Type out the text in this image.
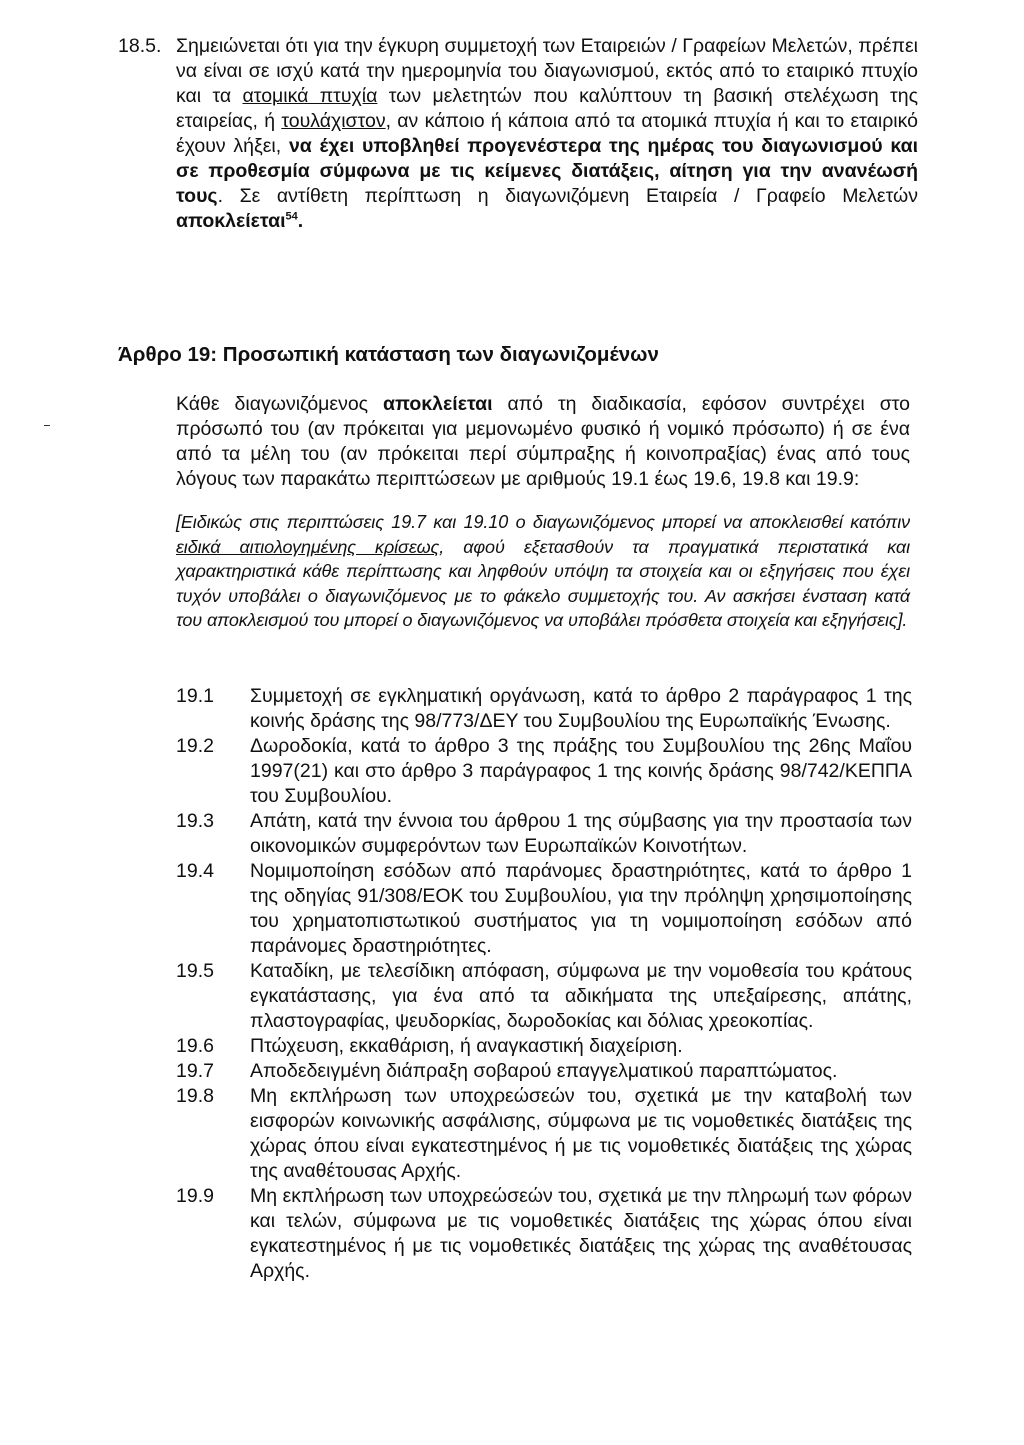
18.5. Σημειώνεται ότι για την έγκυρη συμμετοχή των Εταιρειών / Γραφείων Μελετών, πρέπει να είναι σε ισχύ κατά την ημερομηνία του διαγωνισμού, εκτός από το εταιρικό πτυχίο και τα ατομικά πτυχία των μελετητών που καλύπτουν τη βασική στελέχωση της εταιρείας, ή τουλάχιστον, αν κάποιο ή κάποια από τα ατομικά πτυχία ή και το εταιρικό έχουν λήξει, να έχει υποβληθεί προγενέστερα της ημέρας του διαγωνισμού και σε προθεσμία σύμφωνα με τις κείμενες διατάξεις, αίτηση για την ανανέωσή τους. Σε αντίθετη περίπτωση η διαγωνιζόμενη Εταιρεία / Γραφείο Μελετών αποκλείεται$^{54}$.

Άρθρο 19: Προσωπική κατάσταση των διαγωνιζομένων

Κάθε διαγωνιζόμενος αποκλείεται από τη διαδικασία, εφόσον συντρέχει στο πρόσωπό του (αν πρόκειται για μεμονωμένο φυσικό ή νομικό πρόσωπο) ή σε ένα από τα μέλη του (αν πρόκειται περί σύμπραξης ή κοινοπραξίας) ένας από τους λόγους των παρακάτω περιπτώσεων με αριθμούς 19.1 έως 19.6, 19.8 και 19.9:

[Ειδικώς στις περιπτώσεις 19.7 και 19.10 ο διαγωνιζόμενος μπορεί να αποκλεισθεί κατόπιν ειδικά αιτιολογημένης κρίσεως, αφού εξετασθούν τα πραγματικά περιστατικά και χαρακτηριστικά κάθε περίπτωσης και ληφθούν υπόψη τα στοιχεία και οι εξηγήσεις που έχει τυχόν υποβάλει ο διαγωνιζόμενος με το φάκελο συμμετοχής του. Αν ασκήσει ένσταση κατά του αποκλεισμού του μπορεί ο διαγωνιζόμενος να υποβάλει πρόσθετα στοιχεία και εξηγήσεις].

19.1	Συμμετοχή σε εγκληματική οργάνωση, κατά το άρθρο 2 παράγραφος 1 της κοινής δράσης της 98/773/ΔΕΥ του Συμβουλίου της Ευρωπαϊκής Ένωσης.
19.2	Δωροδοκία, κατά το άρθρο 3 της πράξης του Συμβουλίου της 26ης Μαΐου 1997(21) και στο άρθρο 3 παράγραφος 1 της κοινής δράσης 98/742/ΚΕΠΠΑ του Συμβουλίου.
19.3	Απάτη, κατά την έννοια του άρθρου 1 της σύμβασης για την προστασία των οικονομικών συμφερόντων των Ευρωπαϊκών Κοινοτήτων.
19.4	Νομιμοποίηση εσόδων από παράνομες δραστηριότητες, κατά το άρθρο 1 της οδηγίας 91/308/ΕΟΚ του Συμβουλίου, για την πρόληψη χρησιμοποίησης του χρηματοπιστωτικού συστήματος για τη νομιμοποίηση εσόδων από παράνομες δραστηριότητες.
19.5	Καταδίκη, με τελεσίδικη απόφαση, σύμφωνα με την νομοθεσία του κράτους εγκατάστασης, για ένα από τα αδικήματα της υπεξαίρεσης, απάτης, πλαστογραφίας, ψευδορκίας, δωροδοκίας και δόλιας χρεοκοπίας.
19.6	Πτώχευση, εκκαθάριση, ή αναγκαστική διαχείριση.
19.7	Αποδεδειγμένη διάπραξη σοβαρού επαγγελματικού παραπτώματος.
19.8	Μη εκπλήρωση των υποχρεώσεών του, σχετικά με την καταβολή των εισφορών κοινωνικής ασφάλισης, σύμφωνα με τις νομοθετικές διατάξεις της χώρας όπου είναι εγκατεστημένος ή με τις νομοθετικές διατάξεις της χώρας της αναθέτουσας Αρχής.
19.9	Μη εκπλήρωση των υποχρεώσεών του, σχετικά με την πληρωμή των φόρων και τελών, σύμφωνα με τις νομοθετικές διατάξεις της χώρας όπου είναι εγκατεστημένος ή με τις νομοθετικές διατάξεις της χώρας της αναθέτουσας Αρχής.
